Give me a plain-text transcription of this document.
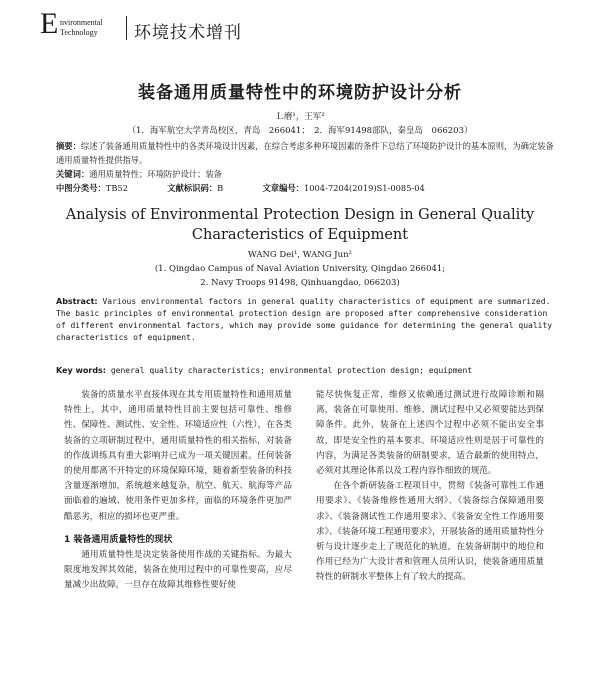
E nvironmental
Technology 环境技术增刊
装备通用质量特性中的环境防护设计分析
Ｌ磨¹，王军²
（1．海军航空大学青岛校区，青岛　266041；　2．海军91498部队，秦皇岛　066203）
摘要：综述了装备通用质量特性中的各类环境设计因素，在综合考虑多种环境因素的条件下总结了环境防护设计的基本原则，为确定装备通用质量特性提供指导。
关键词：通用质量特性；环境防护设计；装备
中图分类号：TB52	文献标识码：B	文章编号：1004-7204(2019)S1-0085-04
Analysis of Environmental Protection Design in General Quality Characteristics of Equipment
WANG Dei¹, WANG Jun²
(1. Qingdao Campus of Naval Aviation University, Qingdao 266041;
2. Navy Troops 91498, Qinhuangdao, 066203)
Abstract: Various environmental factors in general quality characteristics of equipment are summarized. The basic principles of environmental protection design are proposed after comprehensive consideration of different environmental factors, which may provide some guidance for determining the general quality characteristics of equipment.
Key words: general quality characteristics; environmental protection design; equipment

装备的质量水平直接体现在其专用质量特性和通用质量特性上，其中，通用质量特性目前主要包括可靠性、维修性、保障性、测试性、安全性、环境适应性（六性），在各类装备的立项研制过程中，通用质量特性的相关指标，对装备的作战训练具有重大影响并已成为一项关键因素。任何装备的使用都离不开特定的环境保障环境，随着新型装备的科技含量逐渐增加，系统越来越复杂，航空、航天、航海等产品面临着的遍域、使用条件更加多样，面临的环境条件更加严酷恶劣，相应的损坏也更严重。

1 装备通用质量特性的现状

通用质量特性是决定装备使用作战的关键指标。为最大限度地发挥其效能，装备在使用过程中的可靠性要高，应尽量减少出故障，一旦存在故障其维修性要好使

能尽快恢复正常，维修又依赖通过测试进行故障诊断和隔离，装备在可靠使用、维修、测试过程中又必须要能达到保障条件。此外，装备在上述四个过程中必须不能出安全事故，即是安全性的基本要求。环境适应性则是居于可靠性的内容，为满足各类装备的研制要求，适合最新的使用特点，必须对其理论体系以及工程内容作细致的规范。

在各个新研装备工程项目中，贯彻《装备可靠性工作通用要求》、《装备维修性通用大纲》、《装备综合保障通用要求》、《装备测试性工作通用要求》、《装备安全性工作通用要求》、《装备环境工程通用要求》，开展装备的通用质量特性分析与设计逐步走上了规范化的轨道，在装备研制中的地位和作用已经为广大设计者和管理人员所认识，使装备通用质量特性的研制水平整体上有了较大的提高。
